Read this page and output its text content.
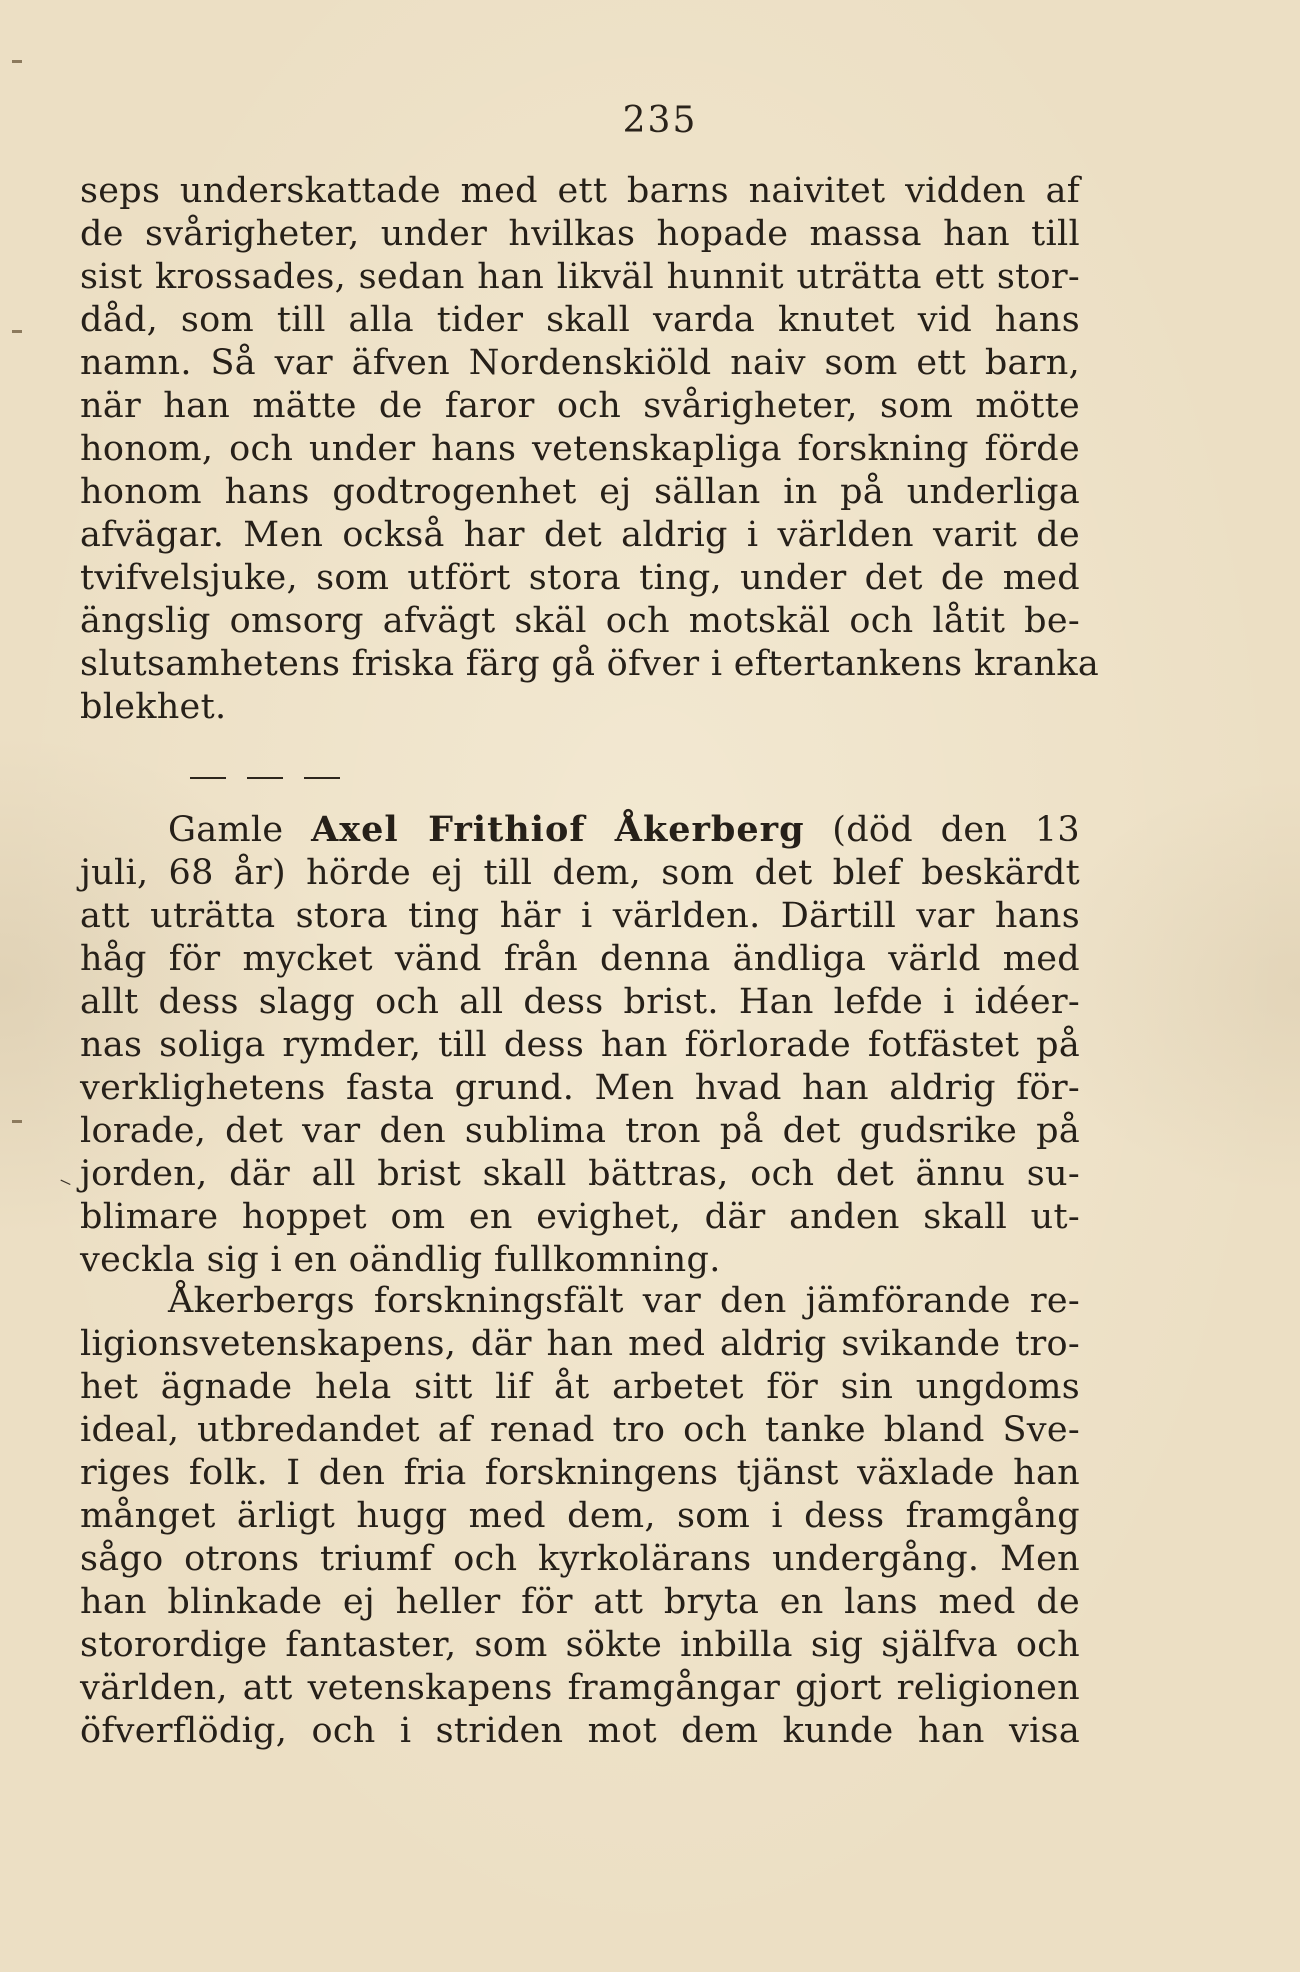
235
seps underskattade med ett barns naivitet vidden af
de svårigheter, under hvilkas hopade massa han till
sist krossades, sedan han likväl hunnit uträtta ett stor-
dåd, som till alla tider skall varda knutet vid hans
namn. Så var äfven Nordenskiöld naiv som ett barn,
när han mätte de faror och svårigheter, som mötte
honom, och under hans vetenskapliga forskning förde
honom hans godtrogenhet ej sällan in på underliga
afvägar. Men också har det aldrig i världen varit de
tvifvelsjuke, som utfört stora ting, under det de med
ängslig omsorg afvägt skäl och motskäl och låtit be-
slutsamhetens friska färg gå öfver i eftertankens kranka
blekhet.
Gamle Axel Frithiof Åkerberg (död den 13
juli, 68 år) hörde ej till dem, som det blef beskärdt
att uträtta stora ting här i världen. Därtill var hans
håg för mycket vänd från denna ändliga värld med
allt dess slagg och all dess brist. Han lefde i idéer-
nas soliga rymder, till dess han förlorade fotfästet på
verklighetens fasta grund. Men hvad han aldrig för-
lorade, det var den sublima tron på det gudsrike på
jorden, där all brist skall bättras, och det ännu su-
blimare hoppet om en evighet, där anden skall ut-
veckla sig i en oändlig fullkomning.
⸜
Åkerbergs forskningsfält var den jämförande re-
ligionsvetenskapens, där han med aldrig svikande tro-
het ägnade hela sitt lif åt arbetet för sin ungdoms
ideal, utbredandet af renad tro och tanke bland Sve-
riges folk. I den fria forskningens tjänst växlade han
månget ärligt hugg med dem, som i dess framgång
sågo otrons triumf och kyrkolärans undergång. Men
han blinkade ej heller för att bryta en lans med de
storordige fantaster, som sökte inbilla sig själfva och
världen, att vetenskapens framgångar gjort religionen
öfverflödig, och i striden mot dem kunde han visa
